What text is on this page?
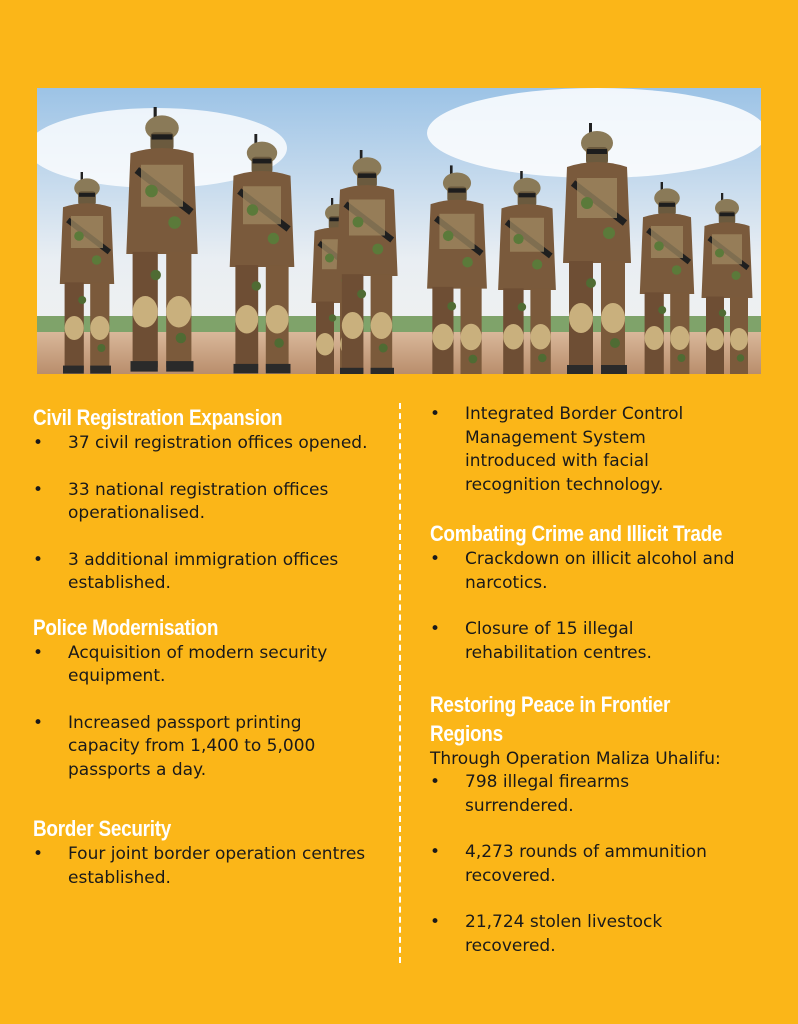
Civil Registration Expansion
• 37 civil registration offices opened.
• 33 national registration offices operationalised.
• 3 additional immigration offices established.
Police Modernisation
• Acquisition of modern security equipment.
• Increased passport printing capacity from 1,400 to 5,000 passports a day.
Border Security
• Four joint border operation centres established.
• Integrated Border Control Management System introduced with facial recognition technology.
Combating Crime and Illicit Trade
• Crackdown on illicit alcohol and narcotics.
• Closure of 15 illegal rehabilitation centres.
Restoring Peace in Frontier Regions
Through Operation Maliza Uhalifu:
• 798 illegal firearms surrendered.
• 4,273 rounds of ammunition recovered.
• 21,724 stolen livestock recovered.
